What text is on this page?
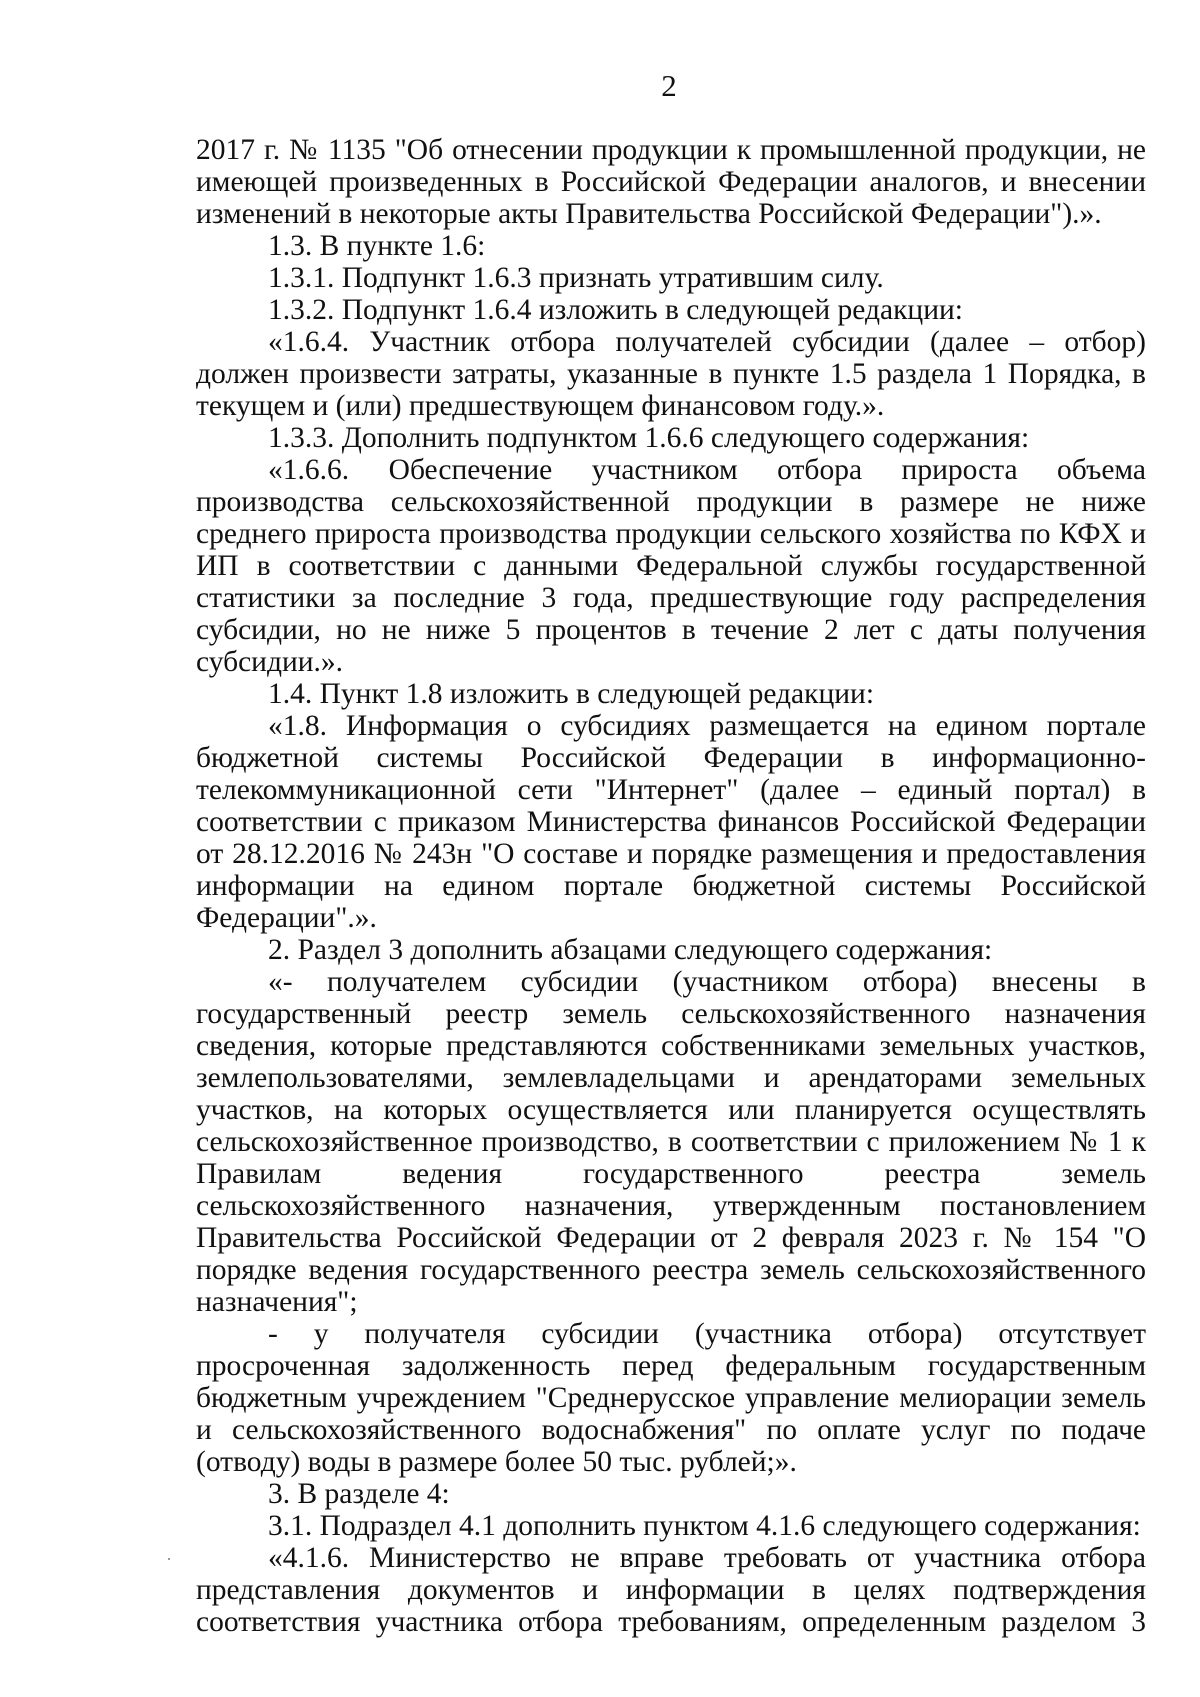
2

2017 г. № 1135 "Об отнесении продукции к промышленной продукции, не имеющей произведенных в Российской Федерации аналогов, и внесении изменений в некоторые акты Правительства Российской Федерации").».

1.3. В пункте 1.6:

1.3.1. Подпункт 1.6.3 признать утратившим силу.

1.3.2. Подпункт 1.6.4 изложить в следующей редакции:

«1.6.4. Участник отбора получателей субсидии (далее – отбор) должен произвести затраты, указанные в пункте 1.5 раздела 1 Порядка, в текущем и (или) предшествующем финансовом году.».

1.3.3. Дополнить подпунктом 1.6.6 следующего содержания:

«1.6.6. Обеспечение участником отбора прироста объема производства сельскохозяйственной продукции в размере не ниже среднего прироста производства продукции сельского хозяйства по КФХ и ИП в соответствии с данными Федеральной службы государственной статистики за последние 3 года, предшествующие году распределения субсидии, но не ниже 5 процентов в течение 2 лет с даты получения субсидии.».

1.4. Пункт 1.8 изложить в следующей редакции:

«1.8. Информация о субсидиях размещается на едином портале бюджетной системы Российской Федерации в информационно-телекоммуникационной сети "Интернет" (далее – единый портал) в соответствии с приказом Министерства финансов Российской Федерации от 28.12.2016 № 243н "О составе и порядке размещения и предоставления информации на едином портале бюджетной системы Российской Федерации".».

2. Раздел 3 дополнить абзацами следующего содержания:

«- получателем субсидии (участником отбора) внесены в государственный реестр земель сельскохозяйственного назначения сведения, которые представляются собственниками земельных участков, землепользователями, землевладельцами и арендаторами земельных участков, на которых осуществляется или планируется осуществлять сельскохозяйственное производство, в соответствии с приложением № 1 к Правилам ведения государственного реестра земель сельскохозяйственного назначения, утвержденным постановлением Правительства Российской Федерации от 2 февраля 2023 г. № 154 "О порядке ведения государственного реестра земель сельскохозяйственного назначения";

- у получателя субсидии (участника отбора) отсутствует просроченная задолженность перед федеральным государственным бюджетным учреждением "Среднерусское управление мелиорации земель и сельскохозяйственного водоснабжения" по оплате услуг по подаче (отводу) воды в размере более 50 тыс. рублей;».

3. В разделе 4:

3.1. Подраздел 4.1 дополнить пунктом 4.1.6 следующего содержания:

«4.1.6. Министерство не вправе требовать от участника отбора представления документов и информации в целях подтверждения соответствия участника отбора требованиям, определенным разделом 3
